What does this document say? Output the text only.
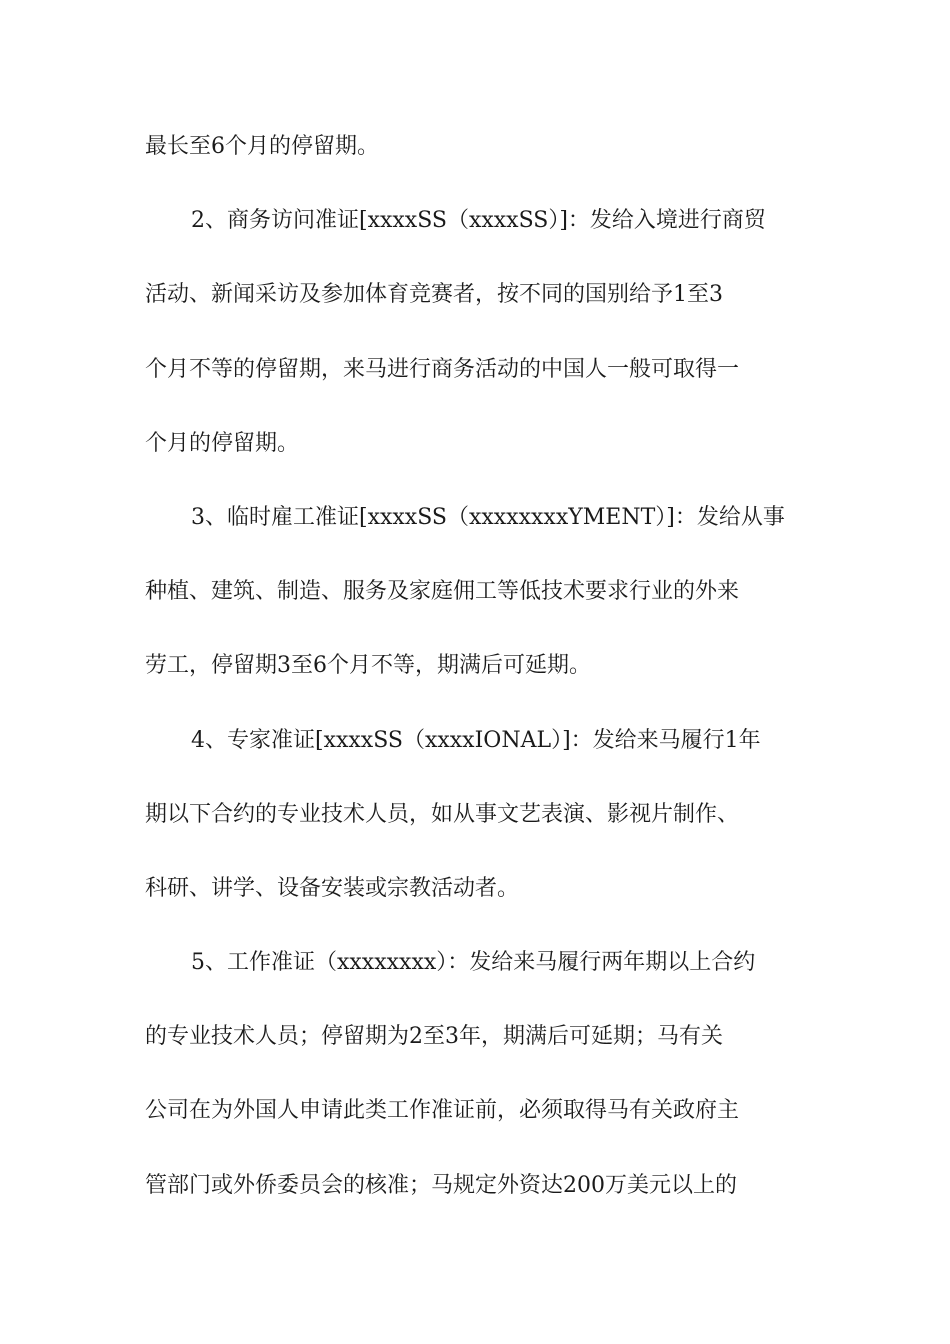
最长至6个月的停留期。
2、商务访问准证[xxxxSS（xxxxSS）]：发给入境进行商贸
活动、新闻采访及参加体育竞赛者，按不同的国别给予1至3
个月不等的停留期，来马进行商务活动的中国人一般可取得一
个月的停留期。
3、临时雇工准证[xxxxSS（xxxxxxxxYMENT）]：发给从事
种植、建筑、制造、服务及家庭佣工等低技术要求行业的外来
劳工，停留期3至6个月不等，期满后可延期。
4、专家准证[xxxxSS（xxxxIONAL）]：发给来马履行1年
期以下合约的专业技术人员，如从事文艺表演、影视片制作、
科研、讲学、设备安装或宗教活动者。
5、工作准证（xxxxxxxx）：发给来马履行两年期以上合约
的专业技术人员；停留期为2至3年，期满后可延期；马有关
公司在为外国人申请此类工作准证前，必须取得马有关政府主
管部门或外侨委员会的核准；马规定外资达200万美元以上的
